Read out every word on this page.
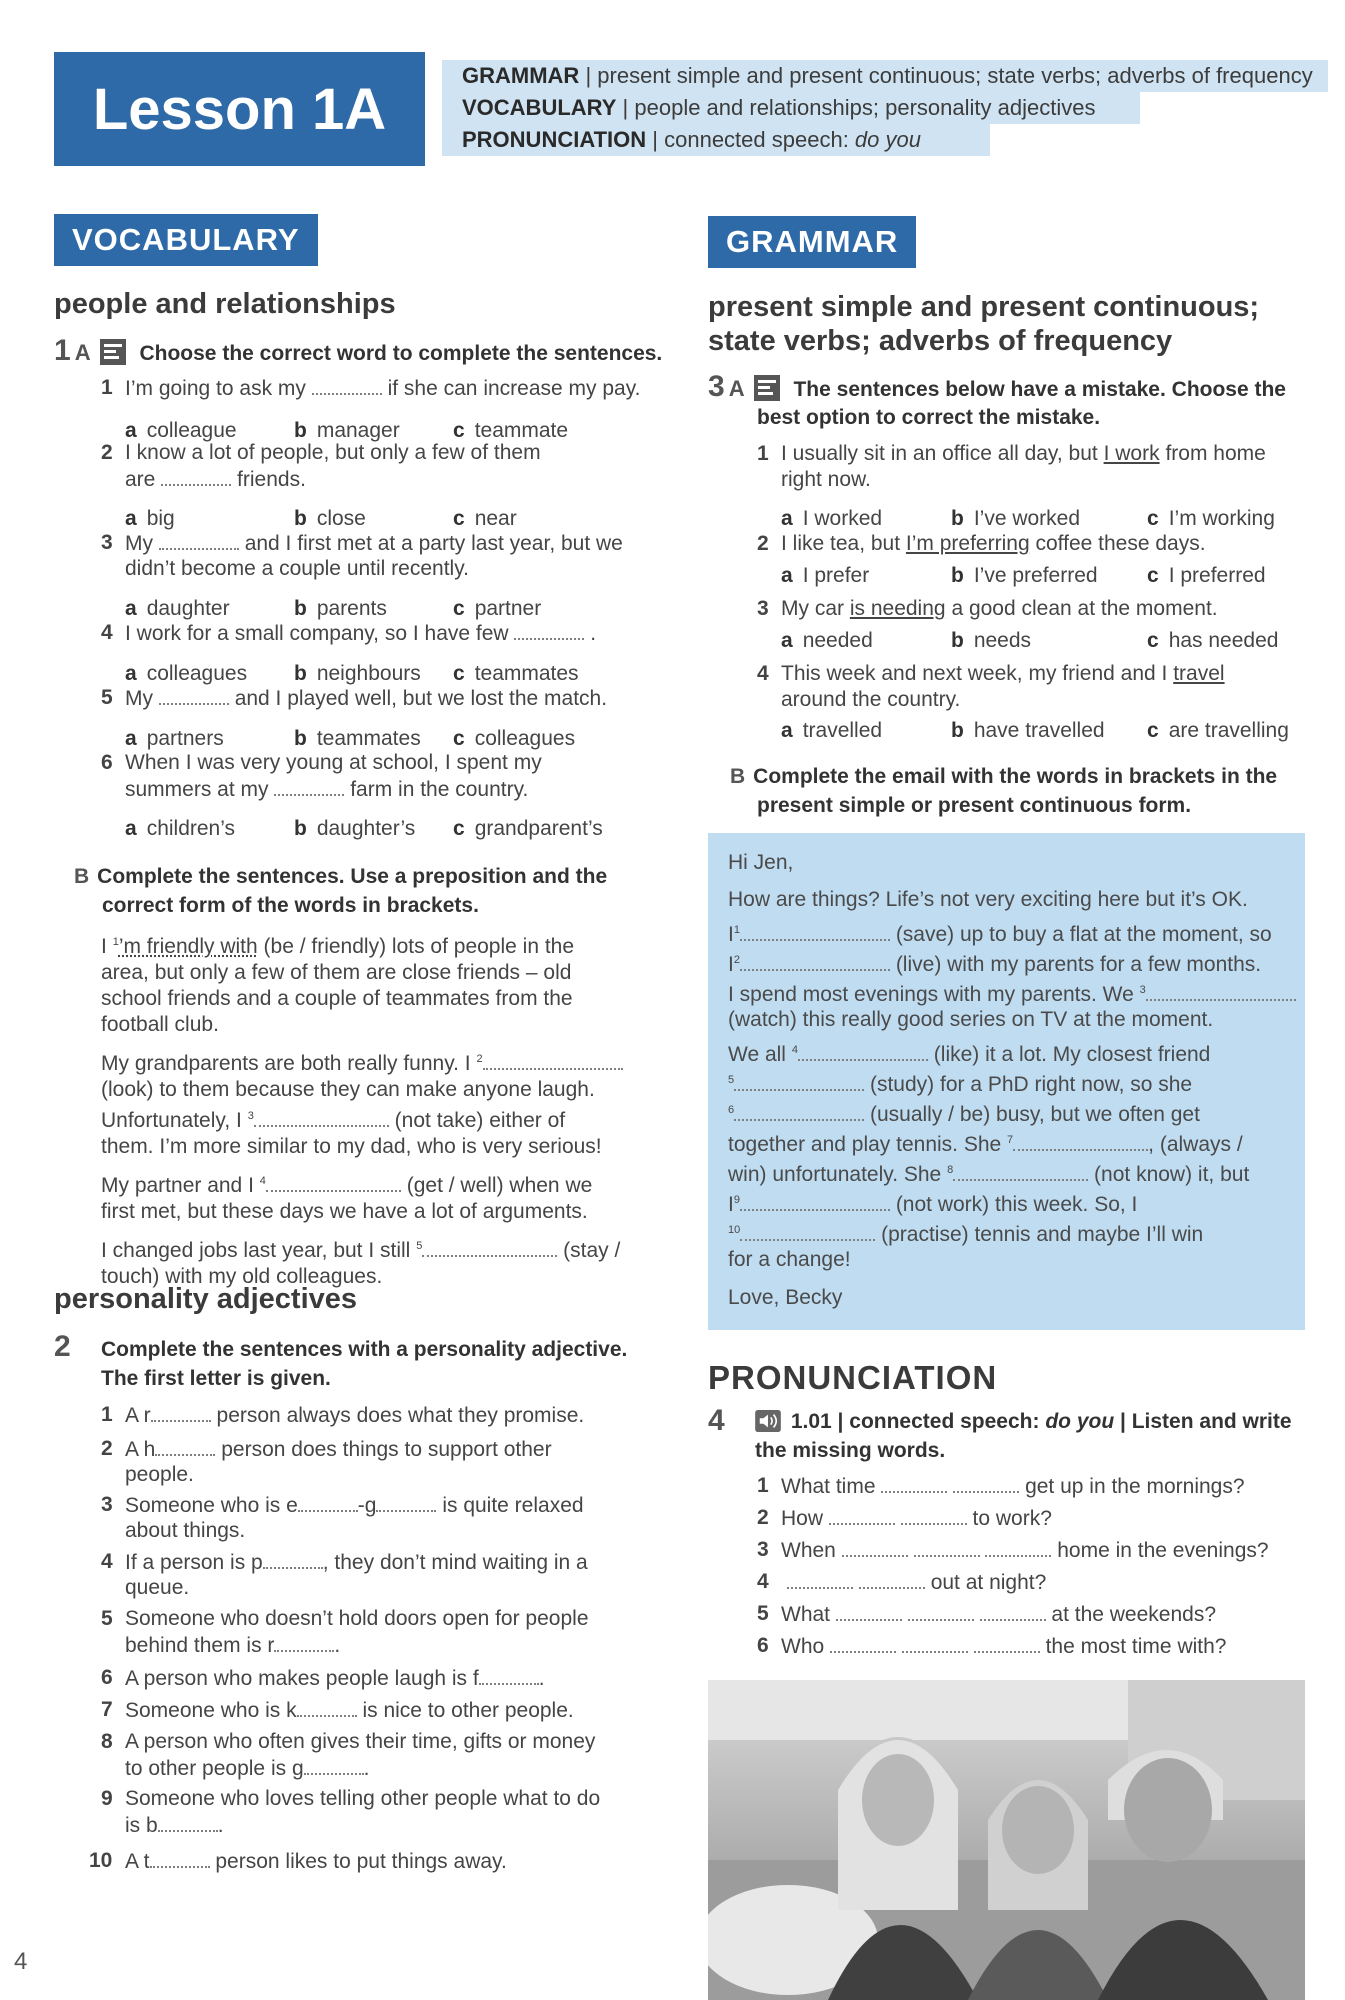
Lesson 1A
GRAMMAR | present simple and present continuous; state verbs; adverbs of frequency
VOCABULARY | people and relationships; personality adjectives
PRONUNCIATION | connected speech: do you
VOCABULARY
people and relationships
1 A Choose the correct word to complete the sentences.
1 I’m going to ask my	if she can increase my pay.
a colleague	b manager	c teammate
2 I know a lot of people, but only a few of them
are	friends.
a big	b close	c near
3 My	and I first met at a party last year, but we
didn’t become a couple until recently.
a daughter	b parents	c partner
4 I work for a small company, so I have few	.
a colleagues b neighbours c teammates
5 My	and I played well, but we lost the match.
a partners	b teammates c colleagues
6 When I was very young at school, I spent my
summers at my	farm in the country.
a children’s	b daughter’s c grandparent’s
B Complete the sentences. Use a preposition and the
correct form of the words in brackets.
I $^1$’m friendly with (be / friendly) lots of people in the
area, but only a few of them are close friends – old
school friends and a couple of teammates from the
football club.
My grandparents are both really funny. I $^2$
(look) to them because they can make anyone laugh.
Unfortunately, I $^3$	(not take) either of
them. I’m more similar to my dad, who is very serious!
My partner and I $^4$	(get / well) when we
first met, but these days we have a lot of arguments.
I changed jobs last year, but I still $^5$	(stay /
touch) with my old colleagues.
personality adjectives
2 Complete the sentences with a personality adjective.
The first letter is given.
1 A r	person always does what they promise.
2 A h	person does things to support other
people.
3 Someone who is e	-g	is quite relaxed
about things.
4 If a person is p	, they don’t mind waiting in a
queue.
5 Someone who doesn’t hold doors open for people
behind them is r	.
6 A person who makes people laugh is f	.
7 Someone who is k	is nice to other people.
8 A person who often gives their time, gifts or money
to other people is g	.
9 Someone who loves telling other people what to do
is b	.
10 A t	person likes to put things away.
GRAMMAR
present simple and present continuous;
state verbs; adverbs of frequency
3 A The sentences below have a mistake. Choose the
best option to correct the mistake.
1 I usually sit in an office all day, but I work from home
right now.
a I worked	b I’ve worked	c I’m working
2 I like tea, but I’m preferring coffee these days.
a I prefer	b I’ve preferred c I preferred
3 My car is needing a good clean at the moment.
a needed	b needs	c has needed
4 This week and next week, my friend and I travel
around the country.
a travelled	b have travelled c are travelling
B Complete the email with the words in brackets in the
present simple or present continuous form.
Hi Jen,
How are things? Life’s not very exciting here but it’s OK.
$I^1$	(save) up to buy a flat at the moment, so
$I^2$	(live) with my parents for a few months.
I spend most evenings with my parents. We $^3$
(watch) this really good series on TV at the moment.
We all $^4$	(like) it a lot. My closest friend
$^5$	(study) for a PhD right now, so she
$^6$	(usually / be) busy, but we often get
together and play tennis. She $^7$	, (always /
win) unfortunately. She $^8$	(not know) it, but
$I^9$	(not work) this week. So, I
$^{10}$	(practise) tennis and maybe I’ll win
for a change!
Love, Becky
PRONUNCIATION
4	1.01 | connected speech: do you | Listen and write
the missing words.
1 What time	get up in the mornings?
2 How	to work?
3 When	home in the evenings?
4	out at night?
5 What	at the weekends?
6 Who	the most time with?
4
